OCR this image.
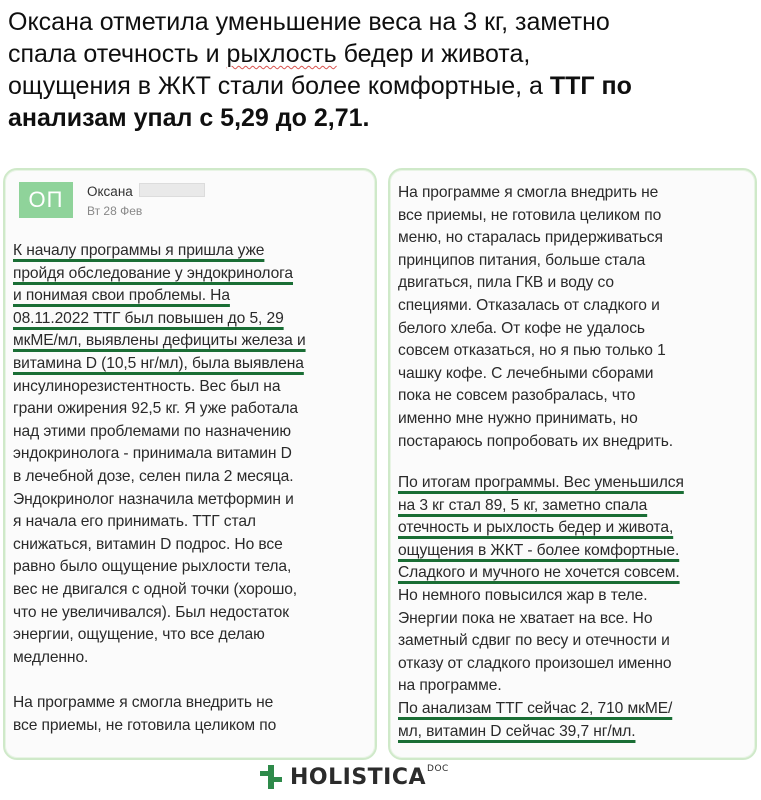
Оксана отметила уменьшение веса на 3 кг, заметно
спала отечность и рыхлость бедер и живота,
ощущения в ЖКТ стали более комфортные, а ТТГ по
анализам упал с 5,29 до 2,71.
ОП	Оксана
Вт 28 Фев
К началу программы я пришла уже
пройдя обследование у эндокринолога
и понимая свои проблемы. На
08.11.2022 ТТГ был повышен до 5, 29
мкМЕ/мл, выявлены дефициты железа и
витамина D (10,5 нг/мл), была выявлена
инсулинорезистентность. Вес был на
грани ожирения 92,5 кг. Я уже работала
над этими проблемами по назначению
эндокринолога - принимала витамин D
в лечебной дозе, селен пила 2 месяца.
Эндокринолог назначила метформин и
я начала его принимать. ТТГ стал
снижаться, витамин D подрос. Но все
равно было ощущение рыхлости тела,
вес не двигался с одной точки (хорошо,
что не увеличивался). Был недостаток
энергии, ощущение, что все делаю
медленно.
На программе я смогла внедрить не
все приемы, не готовила целиком по
На программе я смогла внедрить не
все приемы, не готовила целиком по
меню, но старалась придерживаться
принципов питания, больше стала
двигаться, пила ГКВ и воду со
специями. Отказалась от сладкого и
белого хлеба. От кофе не удалось
совсем отказаться, но я пью только 1
чашку кофе. С лечебными сборами
пока не совсем разобралась, что
именно мне нужно принимать, но
постараюсь попробовать их внедрить.
По итогам программы. Вес уменьшился
на 3 кг стал 89, 5 кг, заметно спала
отечность и рыхлость бедер и живота,
ощущения в ЖКТ - более комфортные.
Сладкого и мучного не хочется совсем.
Но немного повысился жар в теле.
Энергии пока не хватает на все. Но
заметный сдвиг по весу и отечности и
отказу от сладкого произошел именно
на программе.
По анализам ТТГ сейчас 2, 710 мкМЕ/
мл, витамин D сейчас 39,7 нг/мл.
HOLISTICA DOC
